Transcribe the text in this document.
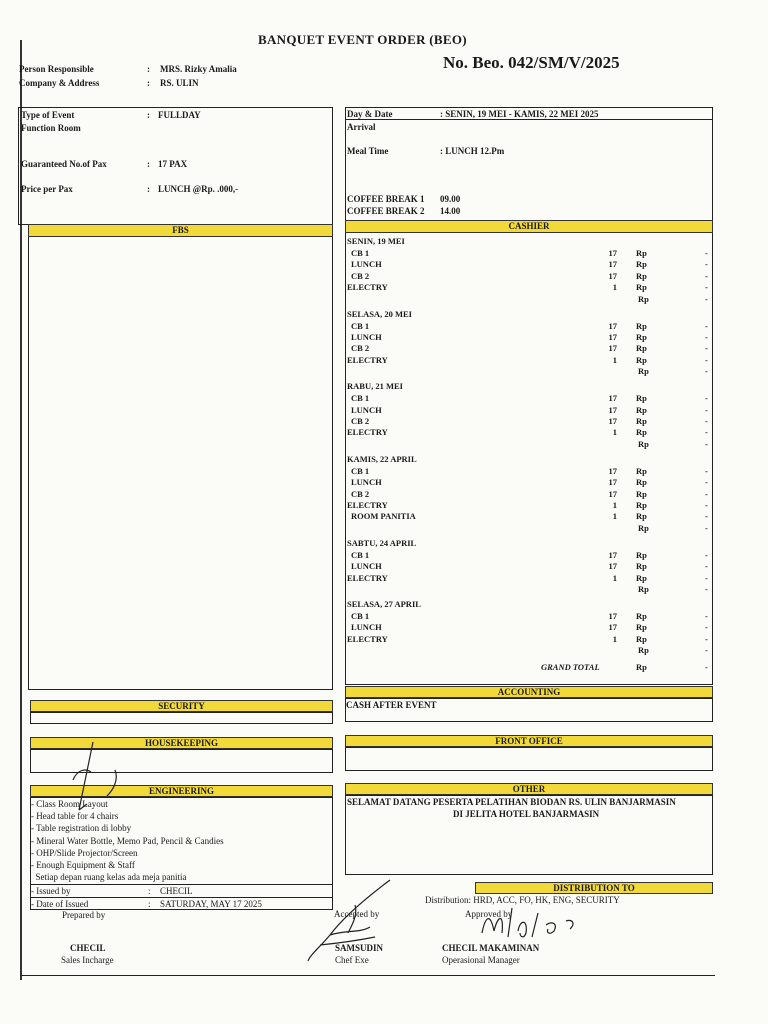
BANQUET EVENT ORDER (BEO)
No. Beo. 042/SM/V/2025
Person Responsible	: MRS. Rizky Amalia
Company & Address	: RS. ULIN
Type of Event	: FULLDAY
Function Room
Guaranteed No.of Pax	: 17 PAX
Price per Pax	: LUNCH @Rp. .000,-
Day & Date	: SENIN, 19 MEI - KAMIS, 22 MEI 2025
Arrival
Meal Time	: LUNCH 12.Pm
COFFEE BREAK 1 09.00
COFFEE BREAK 2 14.00
FBS	CASHIER
SENIN, 19 MEI
CB 1	17 Rp	-
LUNCH	17 Rp	-
CB 2	17 Rp	-
ELECTRY	1 Rp	-
Rp	-
SELASA, 20 MEI
CB 1	17 Rp	-
LUNCH	17 Rp	-
CB 2	17 Rp	-
ELECTRY	1 Rp	-
Rp	-
RABU, 21 MEI
CB 1	17 Rp	-
LUNCH	17 Rp	-
CB 2	17 Rp	-
ELECTRY	1 Rp	-
Rp	-
KAMIS, 22 APRIL
CB 1	17 Rp	-
LUNCH	17 Rp	-
CB 2	17 Rp	-
ELECTRY	1 Rp	-
ROOM PANITIA	1 Rp	-
Rp	-
SABTU, 24 APRIL
CB 1	17 Rp	-
LUNCH	17 Rp	-
ELECTRY	1 Rp	-
Rp	-
SELASA, 27 APRIL
CB 1	17 Rp	-
LUNCH	17 Rp	-
ELECTRY	1 Rp	-
Rp	-
GRAND TOTAL	Rp	-
ACCOUNTING
CASH AFTER EVENT
SECURITY
HOUSEKEEPING	FRONT OFFICE
ENGINEERING
- Class Room Layout
- Head table for 4 chairs
- Table registration di lobby
- Mineral Water Bottle, Memo Pad, Pencil & Candies
- OHP/Slide Projector/Screen
- Enough Equipment & Staff
Setiap depan ruang kelas ada meja panitia
OTHER
SELAMAT DATANG PESERTA PELATIHAN BIODAN RS. ULIN BANJARMASIN
DI JELITA HOTEL BANJARMASIN
DISTRIBUTION TO
Distribution: HRD, ACC, FO, HK, ENG, SECURITY
- Issued by	: CHECIL
- Date of Issued	: SATURDAY, MAY 17 2025
Prepared by
CHECIL
Sales Incharge
Accepted by
SAMSUDIN
Chef Exe
Approved by
CHECIL MAKAMINAN
Operasional Manager
